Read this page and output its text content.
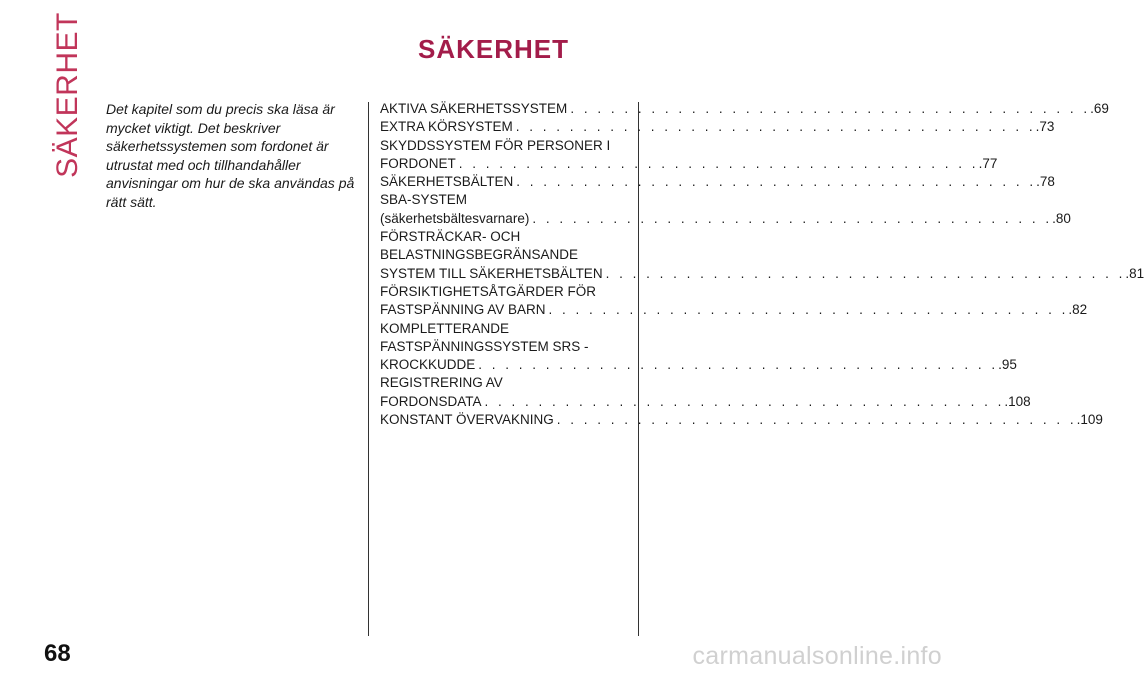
SÄKERHET	SÄKERHET
Det kapitel som du precis ska läsa är mycket viktigt. Det beskriver säkerhetssystemen som fordonet är utrustat med och tillhandahåller anvisningar om hur de ska användas på rätt sätt.
AKTIVA SÄKERHETSSYSTEM . . . . . . . . . . . . . . . . . . . . . . . . . . . . . . . . . . . . . . . .69
EXTRA KÖRSYSTEM . . . . . . . . . . . . . . . . . . . . . . . . . . . . . . . . . . . . . . . .73
SKYDDSSYSTEM FÖR PERSONER I
FORDONET . . . . . . . . . . . . . . . . . . . . . . . . . . . . . . . . . . . . . . . .77
SÄKERHETSBÄLTEN . . . . . . . . . . . . . . . . . . . . . . . . . . . . . . . . . . . . . . . .78
SBA-SYSTEM
(säkerhetsbältesvarnare) . . . . . . . . . . . . . . . . . . . . . . . . . . . . . . . . . . . . . . . .80
FÖRSTRÄCKAR- OCH
BELASTNINGSBEGRÄNSANDE
SYSTEM TILL SÄKERHETSBÄLTEN . . . . . . . . . . . . . . . . . . . . . . . . . . . . . . . . . . . . . . . .81
FÖRSIKTIGHETSÅTGÄRDER FÖR
FASTSPÄNNING AV BARN . . . . . . . . . . . . . . . . . . . . . . . . . . . . . . . . . . . . . . . .82
KOMPLETTERANDE
FASTSPÄNNINGSSYSTEM SRS -
KROCKKUDDE . . . . . . . . . . . . . . . . . . . . . . . . . . . . . . . . . . . . . . . .95
REGISTRERING AV
FORDONSDATA . . . . . . . . . . . . . . . . . . . . . . . . . . . . . . . . . . . . . . . .108
KONSTANT ÖVERVAKNING . . . . . . . . . . . . . . . . . . . . . . . . . . . . . . . . . . . . . . . .109
68	carmanualsonline.info
